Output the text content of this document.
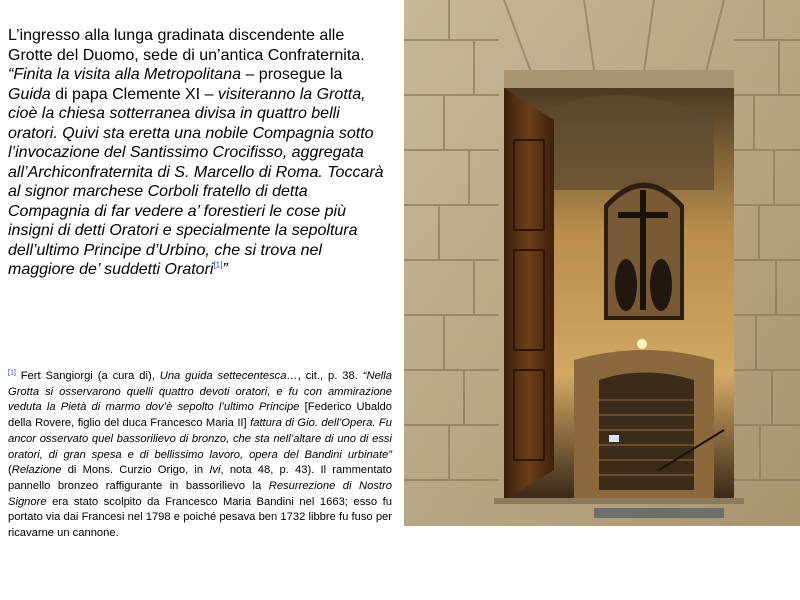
L’ingresso alla lunga gradinata discendente alle Grotte del Duomo, sede di un’antica Confraternita.
“Finita la visita alla Metropolitana – prosegue la Guida di papa Clemente XI – visiteranno la Grotta, cioè la chiesa sotterranea divisa in quattro belli oratori. Quivi sta eretta una nobile Compagnia sotto l’invocazione del Santissimo Crocifisso, aggregata all’Archiconfraternita di S. Marcello di Roma. Toccarà al signor marchese Corboli fratello di detta Compagnia di far vedere a’ forestieri le cose più insigni di detti Oratori e specialmente la sepoltura dell’ultimo Principe d’Urbino, che si trova nel maggiore de’ suddetti Oratori[1]”

[1] Fert Sangiorgi (a cura di), Una guida settecentesca…, cit., p. 38. “Nella Grotta si osservarono quelli quattro devoti oratori, e fu con ammirazione veduta la Pietà di marmo dov’è sepolto l’ultimo Principe [Federico Ubaldo della Rovere, figlio del duca Francesco Maria II] fattura di Gio. dell’Opera. Fu ancor osservato quel bassorilievo di bronzo, che sta nell’altare di uno di essi oratori, di gran spesa e di bellissimo lavoro, opera del Bandini urbinate” (Relazione di Mons. Curzio Origo, in Ivi, nota 48, p. 43). Il rammentato pannello bronzeo raffigurante in bassorilievo la Resurrezione di Nostro Signore era stato scolpito da Francesco Maria Bandini nel 1663; esso fu portato via dai Francesi nel 1798 e poiché pesava ben 1732 libbre fu fuso per ricavarne un cannone.
